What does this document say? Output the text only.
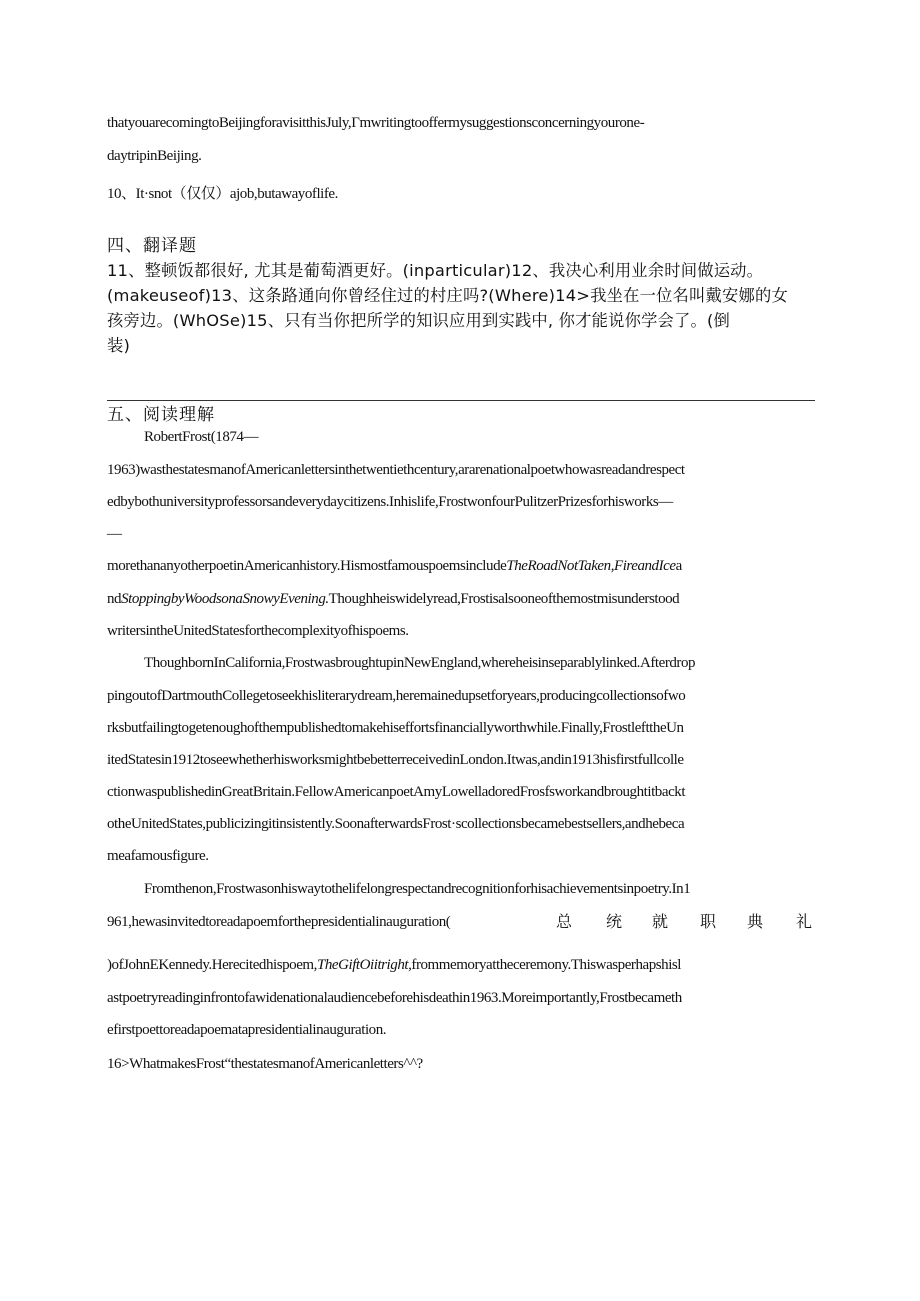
thatyouarecomingtoBeijingforavisitthisJuly,Γmwritingtooffermysuggestionsconcerningyourone-
daytripinBeijing.
10、It·snot（仅仅）ajob,butawayoflife.
四、翻译题
11、整顿饭都很好, 尤其是葡萄酒更好。(inparticular)12、我决心利用业余时间做运动。
(makeuseof)13、这条路通向你曾经住过的村庄吗?(Where)14>我坐在一位名叫戴安娜的女
孩旁边。(WhOSe)15、只有当你把所学的知识应用到实践中, 你才能说你学会了。(倒
装)
五、阅读理解
RobertFrost(1874—
1963)wasthestatesmanofAmericanlettersinthetwentiethcentury,ararenationalpoetwhowasreadandrespect
edbybothuniversityprofessorsandeverydaycitizens.Inhislife,FrostwonfourPulitzerPrizesforhisworks—
—
morethananyotherpoetinAmericanhistory.HismostfamouspoemsincludeTheRoadNotTaken,FireandIcea
ndStoppingbyWoodsonaSnowyEvening.Thoughheiswidelyread,Frostisalsooneofthemostmisunderstood
writersintheUnitedStatesforthecomplexityofhispoems.
ThoughbornInCalifornia,FrostwasbroughtupinNewEngland,whereheisinseparablylinked.Afterdrop
pingoutofDartmouthCollegetoseekhisliterarydream,heremainedupsetforyears,producingcollectionsofwo
rksbutfailingtogetenoughofthempublishedtomakehiseffortsfinanciallyworthwhile.Finally,FrostlefttheUn
itedStatesin1912toseewhetherhisworksmightbebetterreceivedinLondon.Itwas,andin1913hisfirstfullcolle
ctionwaspublishedinGreatBritain.FellowAmericanpoetAmyLowelladoredFrosfsworkandbroughtitbackt
otheUnitedStates,publicizingitinsistently.SoonafterwardsFrost·scollectionsbecamebestsellers,andhebeca
meafamousfigure.
Fromthenon,Frostwasonhiswaytothelifelongrespectandrecognitionforhisachievementsinpoetry.In1
961,hewasinvitedtoreadapoemforthepresidentialinauguration(	总 统 就 职 典 礼
)ofJohnEKennedy.Herecitedhispoem,TheGiftOiitright,frommemoryattheceremony.Thiswasperhapshisl
astpoetryreadinginfrontofawidenationalaudiencebeforehisdeathin1963.Moreimportantly,Frostbecameth
efirstpoettoreadapoematapresidentialinauguration.
16>WhatmakesFrost“thestatesmanofAmericanletters^^?
